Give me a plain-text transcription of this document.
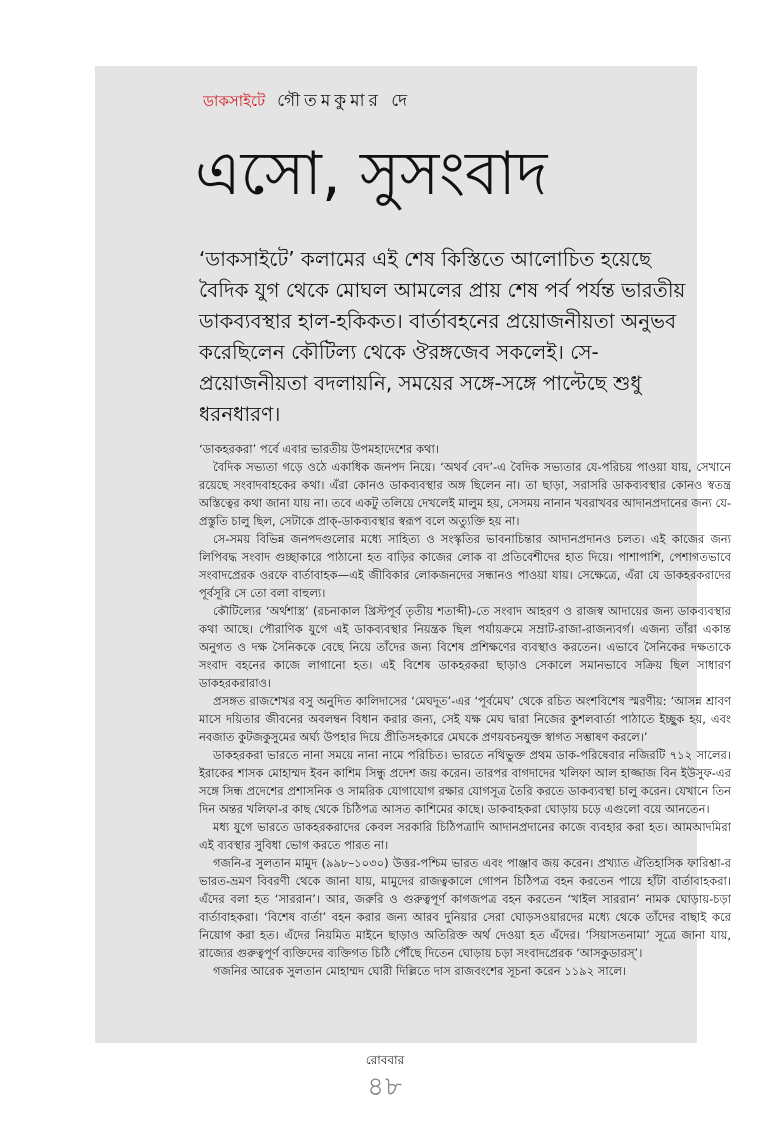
ডাকসাইটে গৌতমকুমার দে
এসো, সুসংবাদ

‘ডাকসাইটে’ কলামের এই শেষ কিস্তিতে আলোচিত হয়েছে বৈদিক যুগ থেকে মোঘল আমলের প্রায় শেষ পর্ব পর্যন্ত ভারতীয় ডাকব্যবস্থার হাল-হকিকত। বার্তাবহনের প্রয়োজনীয়তা অনুভব করেছিলেন কৌটিল্য থেকে ঔরঙ্গজেব সকলেই। সে-প্রয়োজনীয়তা বদলায়নি, সময়ের সঙ্গে-সঙ্গে পাল্টেছে শুধু ধরনধারণ।

‘ডাকহরকরা’ পর্বে এবার ভারতীয় উপমহাদেশের কথা।

বৈদিক সভ্যতা গড়ে ওঠে একাধিক জনপদ নিয়ে। ‘অথর্ব বেদ’-এ বৈদিক সভ্যতার যে-পরিচয় পাওয়া যায়, সেখানে রয়েছে সংবাদবাহকের কথা। এঁরা কোনও ডাকব্যবস্থার অঙ্গ ছিলেন না। তা ছাড়া, সরাসরি ডাকব্যবস্থার কোনও স্বতন্ত্র অস্তিত্বের কথা জানা যায় না। তবে একটু তলিয়ে দেখলেই মালুম হয়, সেসময় নানান খবরাখবর আদানপ্রদানের জন্য যে-প্রস্তুতি চালু ছিল, সেটাকে প্রাক্-ডাকব্যবস্থার স্বরূপ বলে অত্যুক্তি হয় না।

সে-সময় বিভিন্ন জনপদগুলোর মধ্যে সাহিত্য ও সংস্কৃতির ভাবনাচিন্তার আদানপ্রদানও চলত। এই কাজের জন্য লিপিবদ্ধ সংবাদ গুচ্ছাকারে পাঠানো হত বাড়ির কাজের লোক বা প্রতিবেশীদের হাত দিয়ে। পাশাপাশি, পেশাগতভাবে সংবাদপ্রেরক ওরফে বার্তাবাহক—এই জীবিকার লোকজনদের সন্ধানও পাওয়া যায়। সেক্ষেত্রে, এঁরা যে ডাকহরকরাদের পূর্বসূরি সে তো বলা বাহুল্য।

কৌটিল্যের ‘অর্থশাস্ত্র’ (রচনাকাল খ্রিস্টপূর্ব তৃতীয় শতাব্দী)-তে সংবাদ আহরণ ও রাজস্ব আদায়ের জন্য ডাকব্যবস্থার কথা আছে। পৌরাণিক যুগে এই ডাকব্যবস্থার নিয়ন্ত্রক ছিল পর্যায়ক্রমে সম্রাট-রাজা-রাজন্যবর্গ। এজন্য তাঁরা একান্ত অনুগত ও দক্ষ সৈনিককে বেছে নিয়ে তাঁদের জন্য বিশেষ প্রশিক্ষণের ব্যবস্থাও করতেন। এভাবে সৈনিকের দক্ষতাকে সংবাদ বহনের কাজে লাগানো হত। এই বিশেষ ডাকহরকরা ছাড়াও সেকালে সমানভাবে সক্রিয় ছিল সাধারণ ডাকহরকরারাও।

প্রসঙ্গত রাজশেখর বসু অনুদিত কালিদাসের ‘মেঘদূত’-এর ‘পূর্বমেঘ’ থেকে রচিত অংশবিশেষ স্মরণীয়: ‘আসন্ন শ্রাবণ মাসে দয়িতার জীবনের অবলম্বন বিধান করার জন্য, সেই যক্ষ মেঘ দ্বারা নিজের কুশলবার্তা পাঠাতে ইচ্ছুক হয়, এবং নবজাত কুটজকুসুমের অর্ঘ্য উপহার দিয়ে প্রীতিসহকারে মেঘকে প্রণয়বচনযুক্ত স্বাগত সম্ভাষণ করলে।’

ডাকহরকরা ভারতে নানা সময়ে নানা নামে পরিচিত। ভারতে নথিভুক্ত প্রথম ডাক-পরিষেবার নজিরটি ৭১২ সালের। ইরাকের শাসক মোহাম্মদ ইবন কাশিম সিন্ধু প্রদেশ জয় করেন। তারপর বাগদাদের খলিফা আল হাজ্জাজ বিন ইউসুফ-এর সঙ্গে সিন্ধ প্রদেশের প্রশাসনিক ও সামরিক যোগাযোগ রক্ষার যোগসূত্র তৈরি করতে ডাকব্যবস্থা চালু করেন। যেখানে তিন দিন অন্তর খলিফা-র কাছ থেকে চিঠিপত্র আসত কাশিমের কাছে। ডাকবাহকরা ঘোড়ায় চড়ে এগুলো বয়ে আনতেন।

মধ্য যুগে ভারতে ডাকহরকরাদের কেবল সরকারি চিঠিপত্রাদি আদানপ্রদানের কাজে ব্যবহার করা হত। আমআদমিরা এই ব্যবস্থার সুবিধা ভোগ করতে পারত না।

গজনি-র সুলতান মামুদ (৯৯৮–১০৩০) উত্তর-পশ্চিম ভারত এবং পাঞ্জাব জয় করেন। প্রখ্যাত ঐতিহাসিক ফারিশ্তা-র ভারত-ভ্রমণ বিবরণী থেকে জানা যায়, মামুদের রাজত্বকালে গোপন চিঠিপত্র বহন করতেন পায়ে হাঁটা বার্তাবাহকরা। এঁদের বলা হত ‘সাররান’। আর, জরুরি ও গুরুত্বপূর্ণ কাগজপত্র বহন করতেন ‘খাইল সাররান’ নামক ঘোড়ায়-চড়া বার্তাবাহকরা। ‘বিশেষ বার্তা’ বহন করার জন্য আরব দুনিয়ার সেরা ঘোড়সওয়ারদের মধ্যে থেকে তাঁদের বাছাই করে নিয়োগ করা হত। এঁদের নিয়মিত মাইনে ছাড়াও অতিরিক্ত অর্থ দেওয়া হত এঁদের। ‘সিয়াসতনামা’ সূত্রে জানা যায়, রাজ্যের গুরুত্বপূর্ণ ব্যক্তিদের ব্যক্তিগত চিঠি পৌঁছে দিতেন ঘোড়ায় চড়া সংবাদপ্রেরক ‘আসকুডারস্’।

গজনির আরেক সুলতান মোহাম্মদ ঘোরী দিল্লিতে দাস রাজবংশের সূচনা করেন ১১৯২ সালে।

রোববার
৪৮
